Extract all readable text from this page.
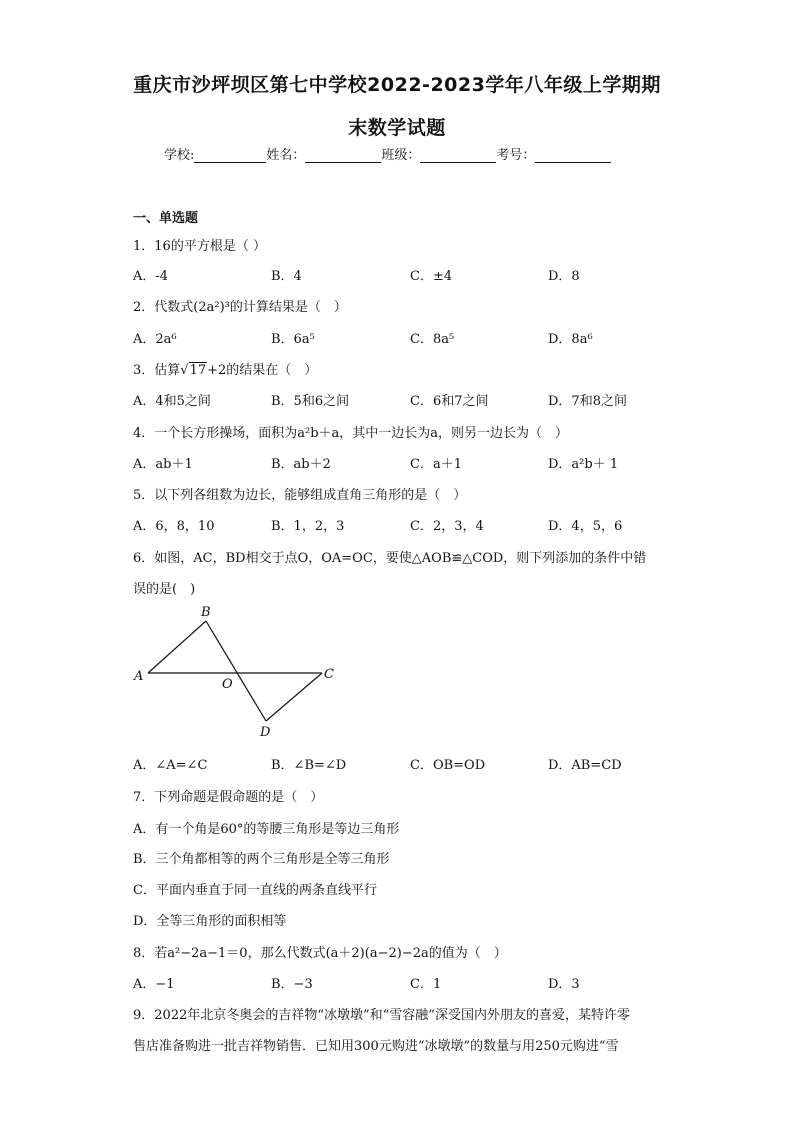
重庆市沙坪坝区第七中学校2022-2023学年八年级上学期期
末数学试题
学校:	姓名：	班级：	考号：
一、单选题
1．16的平方根是（ ）
A．-4	B．4	C．±4	D．8
2．代数式(2a²)³的计算结果是（　）
A．2a⁶	B．6a⁵	C．8a⁵	D．8a⁶
3．估算√17+2的结果在（　）
A．4和5之间	B．5和6之间	C．6和7之间	D．7和8之间
4．一个长方形操场，面积为a²b＋a，其中一边长为a，则另一边长为（　）
A．ab＋1	B．ab＋2	C．a＋1	D．a²b＋ 1
5．以下列各组数为边长，能够组成直角三角形的是（　）
A．6，8，10	B．1，2，3	C．2，3，4	D．4，5，6
6．如图，AC，BD相交于点O，OA=OC，要使△AOB≌△COD，则下列添加的条件中错
误的是(　)
A
B
C
D
O
A．∠A=∠C	B．∠B=∠D	C．OB=OD	D．AB=CD
7．下列命题是假命题的是（　）
A．有一个角是60°的等腰三角形是等边三角形
B．三个角都相等的两个三角形是全等三角形
C．平面内垂直于同一直线的两条直线平行
D．全等三角形的面积相等
8．若a²−2a−1＝0，那么代数式(a＋2)(a−2)−2a的值为（　）
A．−1	B．−3	C．1	D．3
9．2022年北京冬奥会的吉祥物“冰墩墩”和“雪容融”深受国内外朋友的喜爱，某特许零
售店准备购进一批吉祥物销售．已知用300元购进“冰墩墩”的数量与用250元购进“雪
